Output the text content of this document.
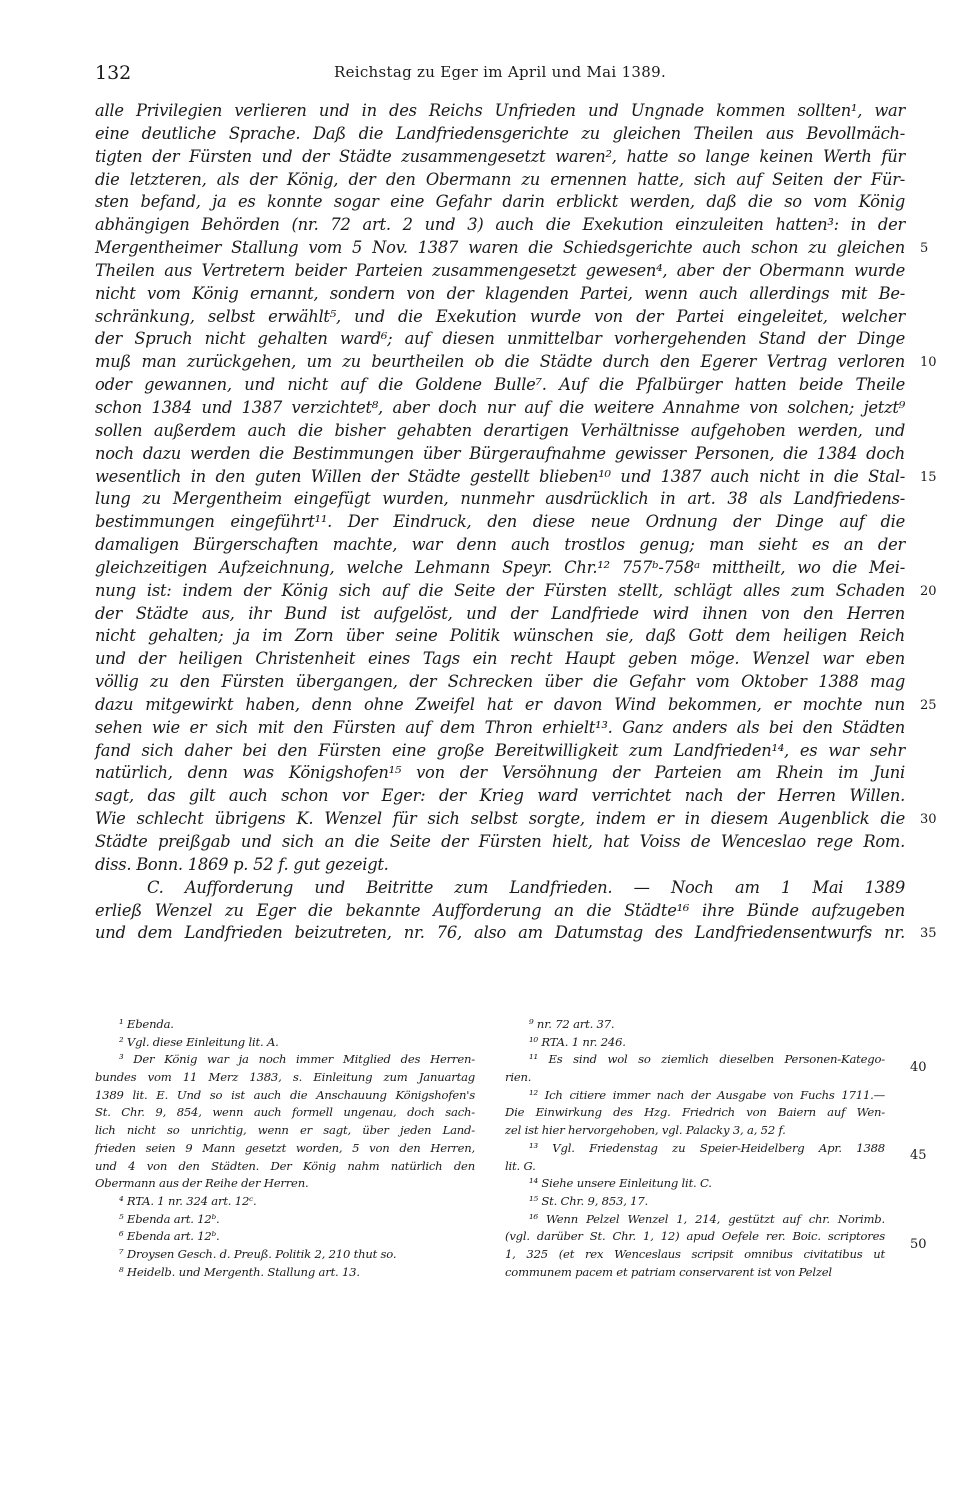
132	Reichstag zu Eger im April und Mai 1389.
alle Privilegien verlieren und in des Reichs Unfrieden und Ungnade kommen sollten¹, war
eine deutliche Sprache. Daß die Landfriedensgerichte zu gleichen Theilen aus Bevollmäch-
tigten der Fürsten und der Städte zusammengesetzt waren², hatte so lange keinen Werth für
die letzteren, als der König, der den Obermann zu ernennen hatte, sich auf Seiten der Für-
sten befand, ja es konnte sogar eine Gefahr darin erblickt werden, daß die so vom König
abhängigen Behörden (nr. 72 art. 2 und 3) auch die Exekution einzuleiten hatten³: in der
Mergentheimer Stallung vom 5 Nov. 1387 waren die Schiedsgerichte auch schon zu gleichen
Theilen aus Vertretern beider Parteien zusammengesetzt gewesen⁴, aber der Obermann wurde
nicht vom König ernannt, sondern von der klagenden Partei, wenn auch allerdings mit Be-
schränkung, selbst erwählt⁵, und die Exekution wurde von der Partei eingeleitet, welcher
der Spruch nicht gehalten ward⁶; auf diesen unmittelbar vorhergehenden Stand der Dinge
muß man zurückgehen, um zu beurtheilen ob die Städte durch den Egerer Vertrag verloren
oder gewannen, und nicht auf die Goldene Bulle⁷. Auf die Pfalbürger hatten beide Theile
schon 1384 und 1387 verzichtet⁸, aber doch nur auf die weitere Annahme von solchen; jetzt⁹
sollen außerdem auch die bisher gehabten derartigen Verhältnisse aufgehoben werden, und
noch dazu werden die Bestimmungen über Bürgeraufnahme gewisser Personen, die 1384 doch
wesentlich in den guten Willen der Städte gestellt blieben¹⁰ und 1387 auch nicht in die Stal-
lung zu Mergentheim eingefügt wurden, nunmehr ausdrücklich in art. 38 als Landfriedens-
bestimmungen eingeführt¹¹. Der Eindruck, den diese neue Ordnung der Dinge auf die
damaligen Bürgerschaften machte, war denn auch trostlos genug; man sieht es an der
gleichzeitigen Aufzeichnung, welche Lehmann Speyr. Chr.¹² 757ᵇ-758ᵃ mittheilt, wo die Mei-
nung ist: indem der König sich auf die Seite der Fürsten stellt, schlägt alles zum Schaden
der Städte aus, ihr Bund ist aufgelöst, und der Landfriede wird ihnen von den Herren
nicht gehalten; ja im Zorn über seine Politik wünschen sie, daß Gott dem heiligen Reich
und der heiligen Christenheit eines Tags ein recht Haupt geben möge. Wenzel war eben
völlig zu den Fürsten übergangen, der Schrecken über die Gefahr vom Oktober 1388 mag
dazu mitgewirkt haben, denn ohne Zweifel hat er davon Wind bekommen, er mochte nun
sehen wie er sich mit den Fürsten auf dem Thron erhielt¹³. Ganz anders als bei den Städten
fand sich daher bei den Fürsten eine große Bereitwilligkeit zum Landfrieden¹⁴, es war sehr
natürlich, denn was Königshofen¹⁵ von der Versöhnung der Parteien am Rhein im Juni
sagt, das gilt auch schon vor Eger: der Krieg ward verrichtet nach der Herren Willen.
Wie schlecht übrigens K. Wenzel für sich selbst sorgte, indem er in diesem Augenblick die
Städte preißgab und sich an die Seite der Fürsten hielt, hat Voiss de Wenceslao rege Rom.
diss. Bonn. 1869 p. 52 f. gut gezeigt.
C. Aufforderung und Beitritte zum Landfrieden. — Noch am 1 Mai 1389
erließ Wenzel zu Eger die bekannte Aufforderung an die Städte¹⁶ ihre Bünde aufzugeben
und dem Landfrieden beizutreten, nr. 76, also am Datumstag des Landfriedensentwurfs nr.
5
10
15
20
25
30
35
¹ Ebenda.
² Vgl. diese Einleitung lit. A.
³ Der König war ja noch immer Mitglied des Herren-
bundes vom 11 Merz 1383, s. Einleitung zum Januartag
1389 lit. E. Und so ist auch die Anschauung Königshofen's
St. Chr. 9, 854, wenn auch formell ungenau, doch sach-
lich nicht so unrichtig, wenn er sagt, über jeden Land-
frieden seien 9 Mann gesetzt worden, 5 von den Herren,
und 4 von den Städten. Der König nahm natürlich den
Obermann aus der Reihe der Herren.
⁴ RTA. 1 nr. 324 art. 12ᶜ.
⁵ Ebenda art. 12ᵇ.
⁶ Ebenda art. 12ᵇ.
⁷ Droysen Gesch. d. Preuß. Politik 2, 210 thut so.
⁸ Heidelb. und Mergenth. Stallung art. 13.
⁹ nr. 72 art. 37.
¹⁰ RTA. 1 nr. 246.
¹¹ Es sind wol so ziemlich dieselben Personen-Katego-
rien.
¹² Ich citiere immer nach der Ausgabe von Fuchs 1711.—
Die Einwirkung des Hzg. Friedrich von Baiern auf Wen-
zel ist hier hervorgehoben, vgl. Palacky 3, a, 52 f.
¹³ Vgl. Friedenstag zu Speier-Heidelberg Apr. 1388
lit. G.
¹⁴ Siehe unsere Einleitung lit. C.
¹⁵ St. Chr. 9, 853, 17.
¹⁶ Wenn Pelzel Wenzel 1, 214, gestützt auf chr. Norimb.
(vgl. darüber St. Chr. 1, 12) apud Oefele rer. Boic. scriptores
1, 325 (et rex Wenceslaus scripsit omnibus civitatibus ut
communem pacem et patriam conservarent ist von Pelzel
40
45
50
